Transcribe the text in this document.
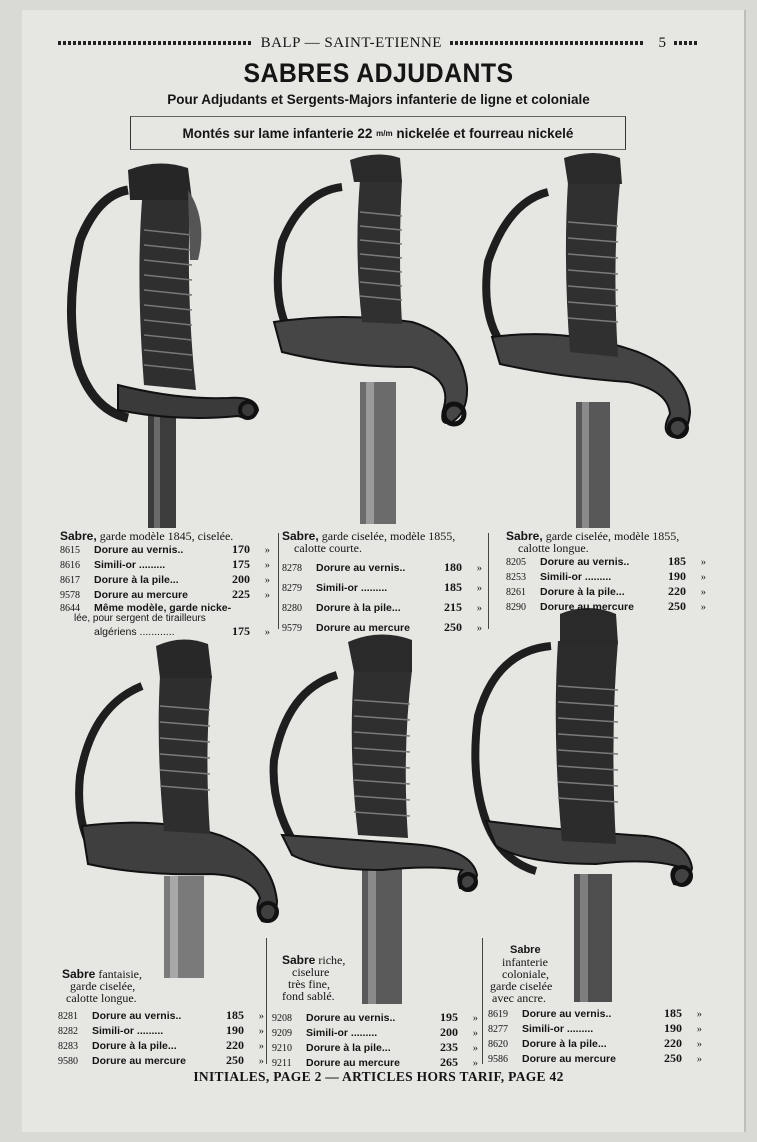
BALP — SAINT-ETIENNE	5
SABRES ADJUDANTS
Pour Adjudants et Sergents-Majors infanterie de ligne et coloniale
Montés sur lame infanterie 22
m/m
nickelée et fourreau nickelé
Sabre, garde modèle 1845, ciselée.
8615	Dorure au vernis..	170	»
8616	Simili-or .........	175	»
8617	Dorure à la pile...	200	»
9578	Dorure au mercure	225	»
8644	Même modèle, garde nicke-
lée, pour sergent de tirailleurs
algériens ............	175	»
Sabre, garde ciselée, modèle 1855,
calotte courte.
8278	Dorure au vernis..	180	»
8279	Simili-or .........	185	»
8280	Dorure à la pile...	215	»
9579	Dorure au mercure	250	»
Sabre, garde ciselée, modèle 1855,
calotte longue.
8205	Dorure au vernis..	185	»
8253	Simili-or .........	190	»
8261	Dorure à la pile...	220	»
8290	Dorure au mercure	250	»
Sabre fantaisie,
garde ciselée,
calotte longue.
8281	Dorure au vernis..	185	»
8282	Simili-or .........	190	»
8283	Dorure à la pile...	220	»
9580	Dorure au mercure	250	»
Sabre riche,
ciselure
très fine,
fond sablé.
9208	Dorure au vernis..	195	»
9209	Simili-or .........	200	»
9210	Dorure à la pile...	235	»
9211	Dorure au mercure	265	»
Sabre
infanterie
coloniale,
garde ciselée
avec ancre.
8619	Dorure au vernis..	185	»
8277	Simili-or .........	190	»
8620	Dorure à la pile...	220	»
9586	Dorure au mercure	250	»
INITIALES, PAGE 2 — ARTICLES HORS TARIF, PAGE 42
